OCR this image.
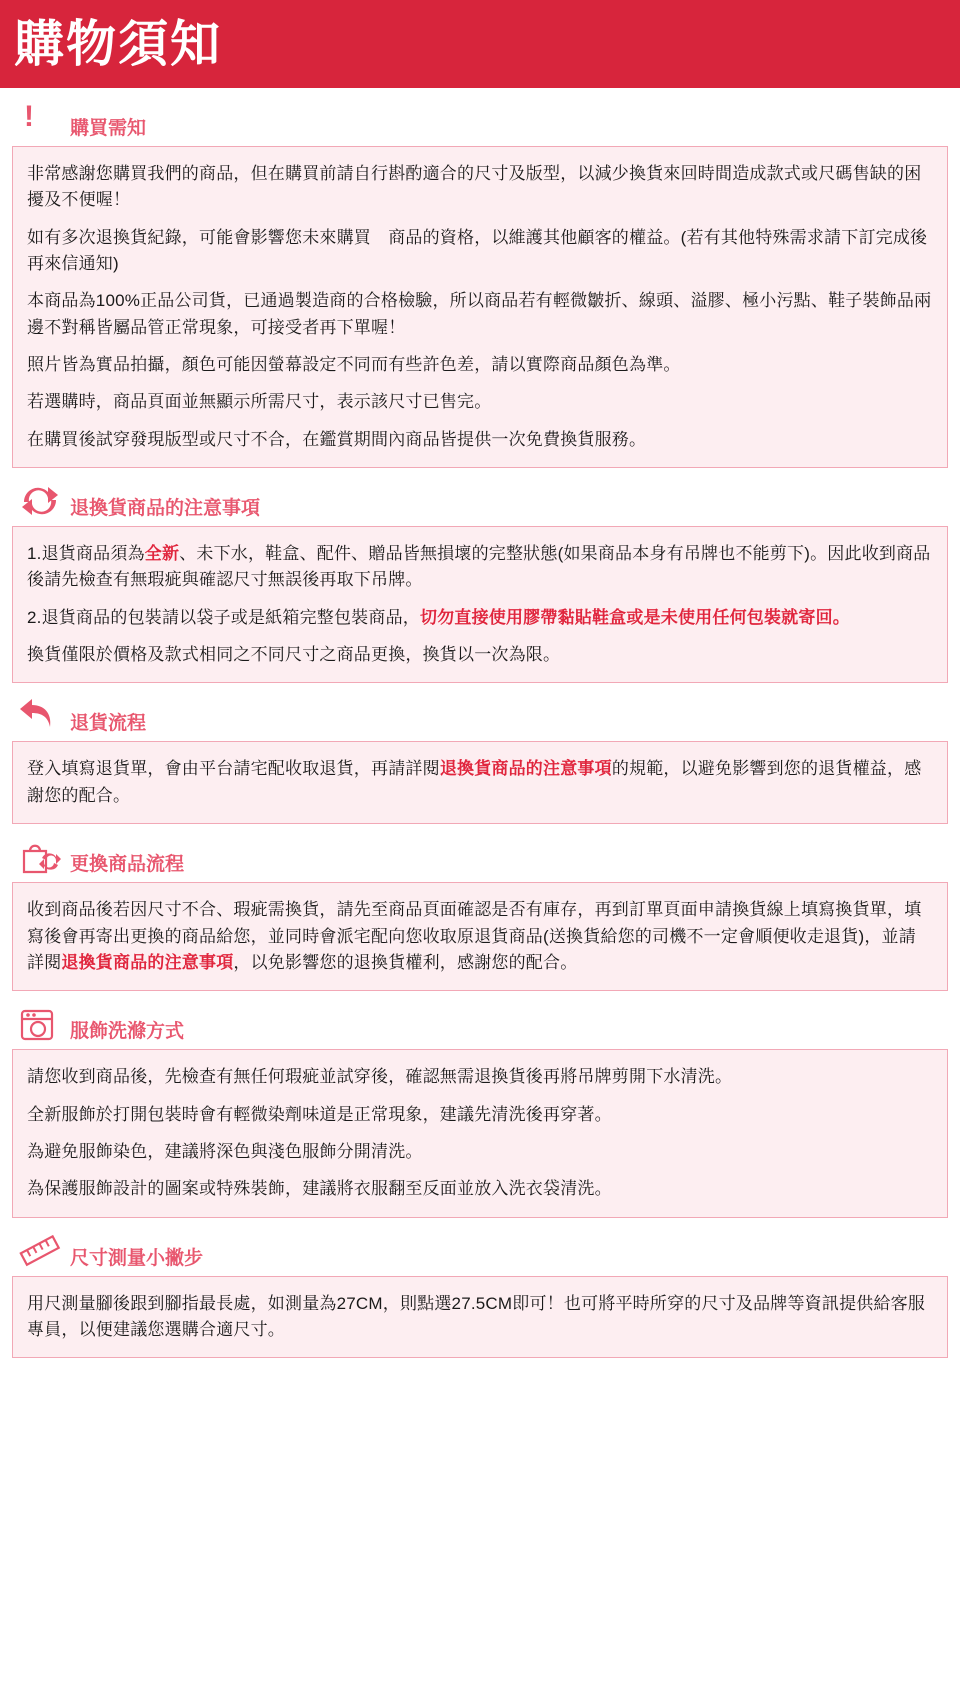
購物須知
!	購買需知

非常感謝您購買我們的商品，但在購買前請自行斟酌適合的尺寸及版型，以減少換貨來回時間造成款式或尺碼售缺的困擾及不便喔！

如有多次退換貨紀錄，可能會影響您未來購買　商品的資格，以維護其他顧客的權益。(若有其他特殊需求請下訂完成後再來信通知)

本商品為100%正品公司貨，已通過製造商的合格檢驗，所以商品若有輕微皺折、線頭、溢膠、極小污點、鞋子裝飾品兩邊不對稱皆屬品管正常現象，可接受者再下單喔！

照片皆為實品拍攝，顏色可能因螢幕設定不同而有些許色差，請以實際商品顏色為準。

若選購時，商品頁面並無顯示所需尺寸，表示該尺寸已售完。

在購買後試穿發現版型或尺寸不合，在鑑賞期間內商品皆提供一次免費換貨服務。

退換貨商品的注意事項

1.退貨商品須為全新、未下水，鞋盒、配件、贈品皆無損壞的完整狀態(如果商品本身有吊牌也不能剪下)。因此收到商品後請先檢查有無瑕疵與確認尺寸無誤後再取下吊牌。

2.退貨商品的包裝請以袋子或是紙箱完整包裝商品，切勿直接使用膠帶黏貼鞋盒或是未使用任何包裝就寄回。

換貨僅限於價格及款式相同之不同尺寸之商品更換，換貨以一次為限。

退貨流程

登入填寫退貨單，會由平台請宅配收取退貨，再請詳閱退換貨商品的注意事項的規範，以避免影響到您的退貨權益，感謝您的配合。

更換商品流程

收到商品後若因尺寸不合、瑕疵需換貨，請先至商品頁面確認是否有庫存，再到訂單頁面申請換貨線上填寫換貨單，填寫後會再寄出更換的商品給您，並同時會派宅配向您收取原退貨商品(送換貨給您的司機不一定會順便收走退貨)，並請詳閱退換貨商品的注意事項，以免影響您的退換貨權利，感謝您的配合。

服飾洗滌方式

請您收到商品後，先檢查有無任何瑕疵並試穿後，確認無需退換貨後再將吊牌剪開下水清洗。

全新服飾於打開包裝時會有輕微染劑味道是正常現象，建議先清洗後再穿著。

為避免服飾染色，建議將深色與淺色服飾分開清洗。

為保護服飾設計的圖案或特殊裝飾，建議將衣服翻至反面並放入洗衣袋清洗。

尺寸測量小撇步

用尺測量腳後跟到腳指最長處，如測量為27CM，則點選27.5CM即可！也可將平時所穿的尺寸及品牌等資訊提供給客服專員，以便建議您選購合適尺寸。
